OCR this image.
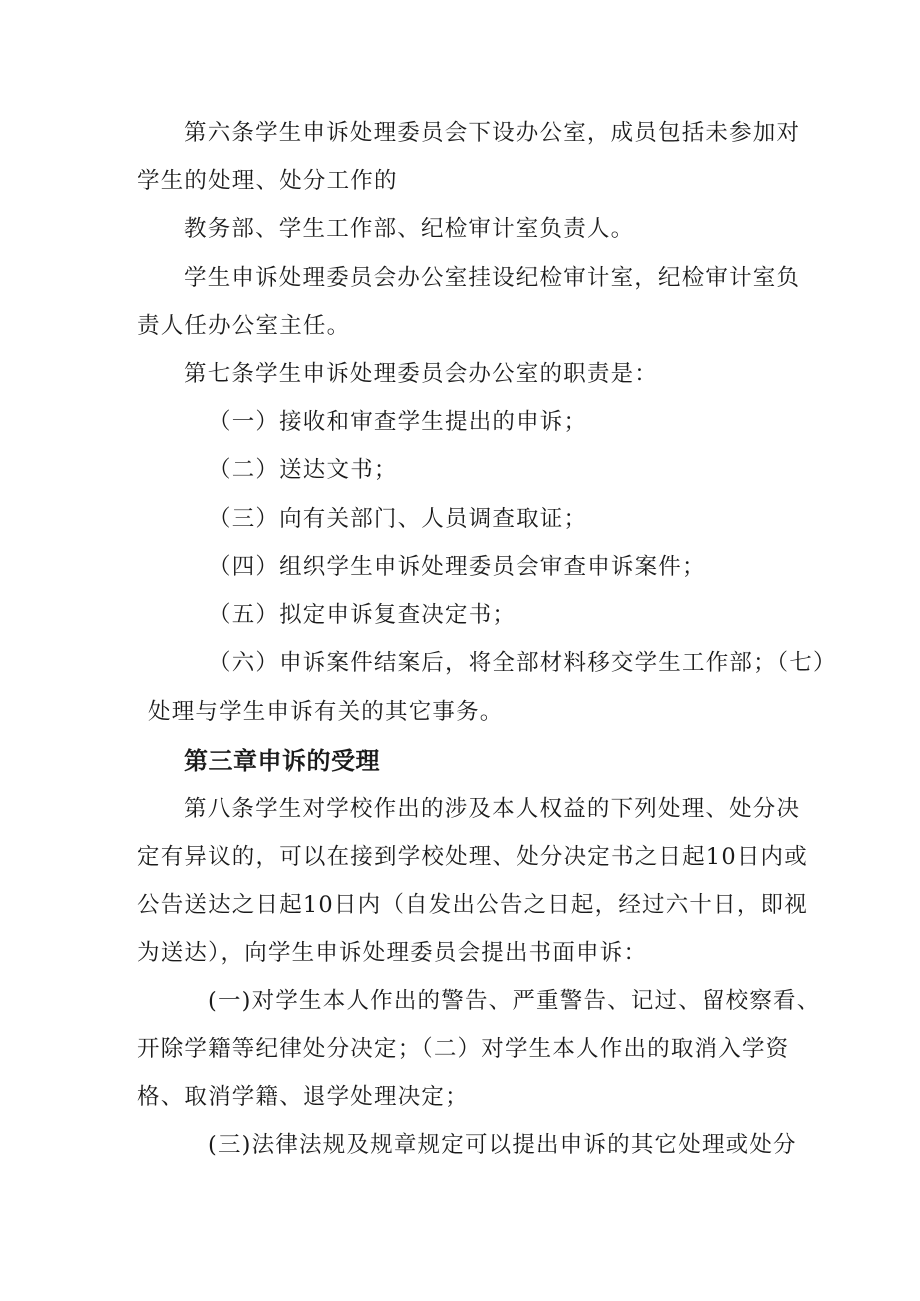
第六条学生申诉处理委员会下设办公室，成员包括未参加对
学生的处理、处分工作的
教务部、学生工作部、纪检审计室负责人。
学生申诉处理委员会办公室挂设纪检审计室，纪检审计室负
责人任办公室主任。
第七条学生申诉处理委员会办公室的职责是：
（一）接收和审查学生提出的申诉；
（二）送达文书；
（三）向有关部门、人员调查取证；
（四）组织学生申诉处理委员会审查申诉案件；
（五）拟定申诉复查决定书；
（六）申诉案件结案后，将全部材料移交学生工作部；（七）
处理与学生申诉有关的其它事务。
第三章申诉的受理
第八条学生对学校作出的涉及本人权益的下列处理、处分决
定有异议的，可以在接到学校处理、处分决定书之日起10日内或
公告送达之日起10日内（自发出公告之日起，经过六十日，即视
为送达），向学生申诉处理委员会提出书面申诉：
(一)对学生本人作出的警告、严重警告、记过、留校察看、
开除学籍等纪律处分决定；（二）对学生本人作出的取消入学资
格、取消学籍、退学处理决定；
(三)法律法规及规章规定可以提出申诉的其它处理或处分
